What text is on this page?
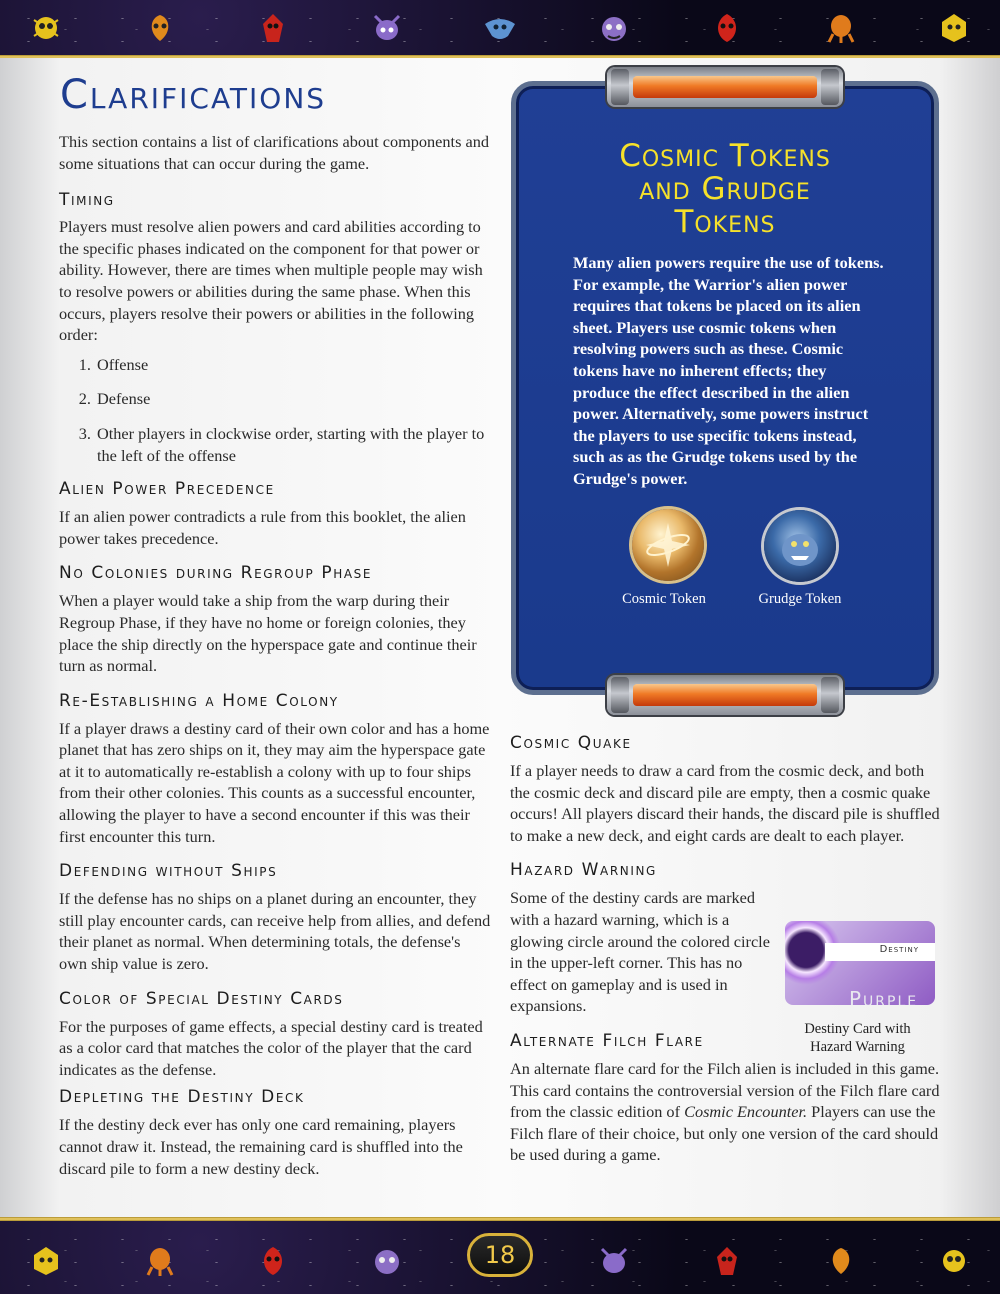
Clarifications

This section contains a list of clarifications about components and some situations that can occur during the game.

Timing

Players must resolve alien powers and card abilities according to the specific phases indicated on the component for that power or ability. However, there are times when multiple people may wish to resolve powers or abilities during the same phase. When this occurs, players resolve their powers or abilities in the following order:

1. Offense
2. Defense
3. Other players in clockwise order, starting with the player to the left of the offense
Alien Power Precedence

If an alien power contradicts a rule from this booklet, the alien power takes precedence.

No Colonies during Regroup Phase

When a player would take a ship from the warp during their Regroup Phase, if they have no home or foreign colonies, they place the ship directly on the hyperspace gate and continue their turn as normal.

Re-Establishing a Home Colony

If a player draws a destiny card of their own color and has a home planet that has zero ships on it, they may aim the hyperspace gate at it to automatically re-establish a colony with up to four ships from their other colonies. This counts as a successful encounter, allowing the player to have a second encounter if this was their first encounter this turn.

Defending without Ships

If the defense has no ships on a planet during an encounter, they still play encounter cards, can receive help from allies, and defend their planet as normal. When determining totals, the defense's own ship value is zero.

Color of Special Destiny Cards

For the purposes of game effects, a special destiny card is treated as a color card that matches the color of the player that the card indicates as the defense.

Depleting the Destiny Deck

If the destiny deck ever has only one card remaining, players cannot draw it. Instead, the remaining card is shuffled into the discard pile to form a new destiny deck.

Cosmic Tokens
and Grudge
Tokens

Many alien powers require the use of tokens. For example, the Warrior's alien power requires that tokens be placed on its alien sheet. Players use cosmic tokens when resolving powers such as these. Cosmic tokens have no inherent effects; they produce the effect described in the alien power. Alternatively, some powers instruct the players to use specific tokens instead, such as as the Grudge tokens used by the Grudge's power.

Cosmic Token	Grudge Token
Cosmic Quake

If a player needs to draw a card from the cosmic deck, and both the cosmic deck and discard pile are empty, then a cosmic quake occurs! All players discard their hands, the discard pile is shuffled to make a new deck, and eight cards are dealt to each player.

Hazard Warning

Some of the destiny cards are marked with a hazard warning, which is a glowing circle around the colored circle in the upper-left corner. This has no effect on gameplay and is used in expansions.

Alternate Filch Flare

An alternate flare card for the Filch alien is included in this game. This card contains the controversial version of the Filch flare card from the classic edition of Cosmic Encounter. Players can use the Filch flare of their choice, but only one version of the card should be used during a game.

Destiny
Purple

Destiny Card with
Hazard Warning

18
